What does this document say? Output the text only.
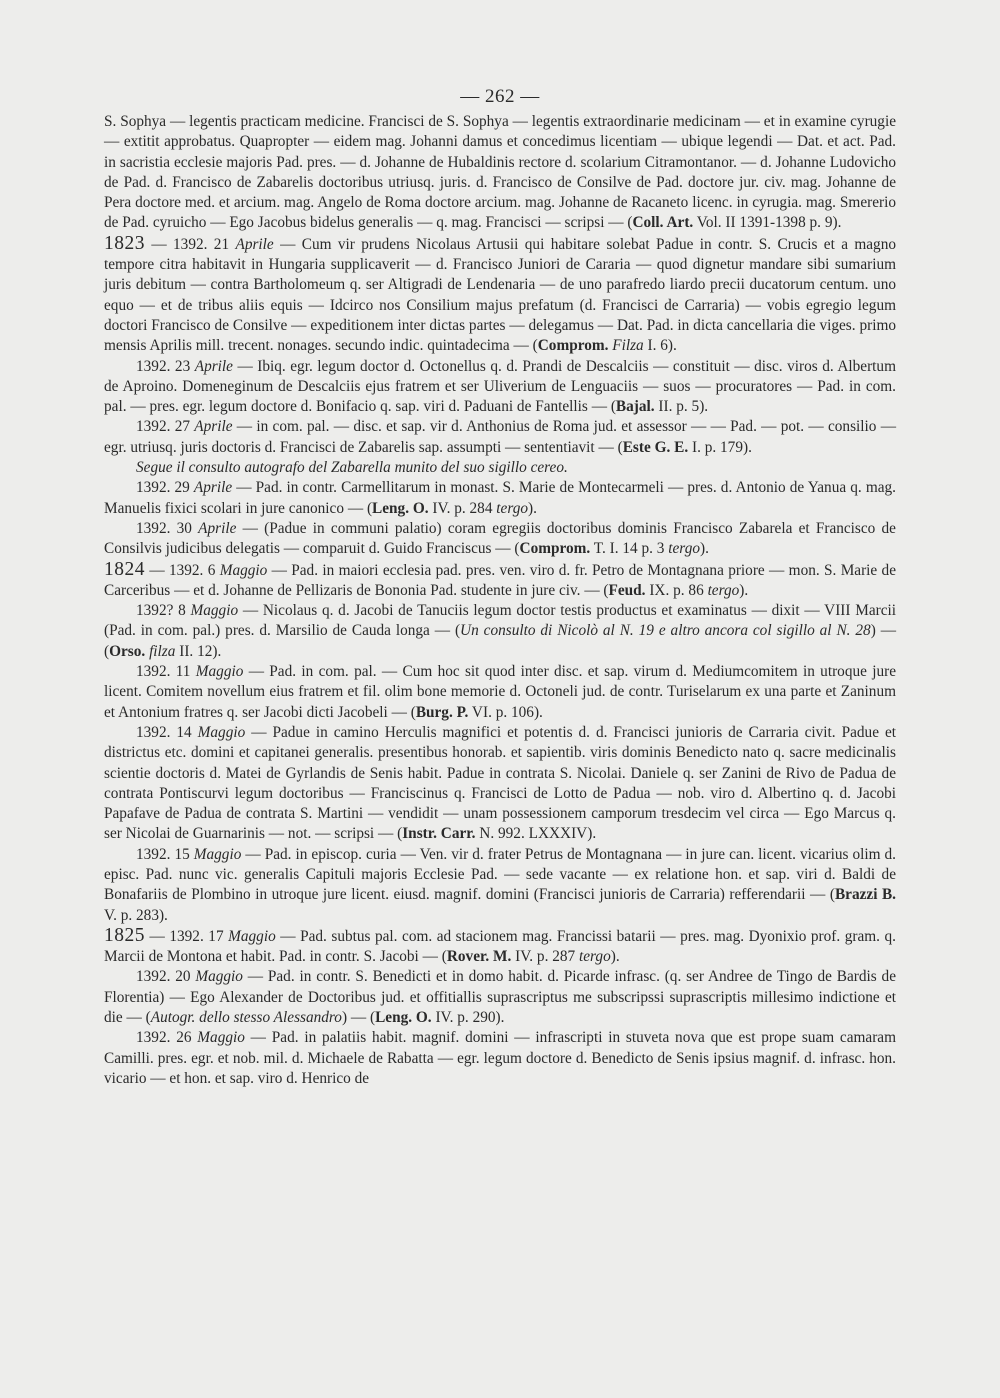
— 262 —

S. Sophya — legentis practicam medicine. Francisci de S. Sophya — legentis extraordinarie medicinam — et in examine cyrugie — extitit approbatus. Quapropter — eidem mag. Johanni damus et concedimus licentiam — ubique legendi — Dat. et act. Pad. in sacristia ecclesie majoris Pad. pres. — d. Johanne de Hubaldinis rectore d. scolarium Citramontanor. — d. Johanne Ludovicho de Pad. d. Francisco de Zabarelis doctoribus utriusq. juris. d. Francisco de Consilve de Pad. doctore jur. civ. mag. Johanne de Pera doctore med. et arcium. mag. Angelo de Roma doctore arcium. mag. Johanne de Racaneto licenc. in cyrugia. mag. Smererio de Pad. cyruicho — Ego Jacobus bidelus generalis — q. mag. Francisci — scripsi — (Coll. Art. Vol. II 1391-1398 p. 9).

1823 — 1392. 21 Aprile — Cum vir prudens Nicolaus Artusii qui habitare solebat Padue in contr. S. Crucis et a magno tempore citra habitavit in Hungaria supplicaverit — d. Francisco Juniori de Cararia — quod dignetur mandare sibi sumarium juris debitum — contra Bartholomeum q. ser Altigradi de Lendenaria — de uno parafredo liardo precii ducatorum centum. uno equo — et de tribus aliis equis — Idcirco nos Consilium majus prefatum (d. Francisci de Carraria) — vobis egregio legum doctori Francisco de Consilve — expeditionem inter dictas partes — delegamus — Dat. Pad. in dicta cancellaria die viges. primo mensis Aprilis mill. trecent. nonages. secundo indic. quintadecima — (Comprom. Filza I. 6).

1392. 23 Aprile — Ibiq. egr. legum doctor d. Octonellus q. d. Prandi de Descalciis — constituit — disc. viros d. Albertum de Aproino. Domeneginum de Descalciis ejus fratrem et ser Uliverium de Lenguaciis — suos — procuratores — Pad. in com. pal. — pres. egr. legum doctore d. Bonifacio q. sap. viri d. Paduani de Fantellis — (Bajal. II. p. 5).

1392. 27 Aprile — in com. pal. — disc. et sap. vir d. Anthonius de Roma jud. et assessor — — Pad. — pot. — consilio — egr. utriusq. juris doctoris d. Francisci de Zabarelis sap. assumpti — sententiavit — (Este G. E. I. p. 179).

Segue il consulto autografo del Zabarella munito del suo sigillo cereo.

1392. 29 Aprile — Pad. in contr. Carmellitarum in monast. S. Marie de Montecarmeli — pres. d. Antonio de Yanua q. mag. Manuelis fixici scolari in jure canonico — (Leng. O. IV. p. 284 tergo).

1392. 30 Aprile — (Padue in communi palatio) coram egregiis doctoribus dominis Francisco Zabarela et Francisco de Consilvis judicibus delegatis — comparuit d. Guido Franciscus — (Comprom. T. I. 14 p. 3 tergo).

1824 — 1392. 6 Maggio — Pad. in maiori ecclesia pad. pres. ven. viro d. fr. Petro de Montagnana priore — mon. S. Marie de Carceribus — et d. Johanne de Pellizaris de Bononia Pad. studente in jure civ. — (Feud. IX. p. 86 tergo).

1392? 8 Maggio — Nicolaus q. d. Jacobi de Tanuciis legum doctor testis productus et examinatus — dixit — VIII Marcii (Pad. in com. pal.) pres. d. Marsilio de Cauda longa — (Un consulto di Nicolò al N. 19 e altro ancora col sigillo al N. 28) — (Orso. filza II. 12).

1392. 11 Maggio — Pad. in com. pal. — Cum hoc sit quod inter disc. et sap. virum d. Mediumcomitem in utroque jure licent. Comitem novellum eius fratrem et fil. olim bone memorie d. Octoneli jud. de contr. Turiselarum ex una parte et Zaninum et Antonium fratres q. ser Jacobi dicti Jacobeli — (Burg. P. VI. p. 106).

1392. 14 Maggio — Padue in camino Herculis magnifici et potentis d. d. Francisci junioris de Carraria civit. Padue et districtus etc. domini et capitanei generalis. presentibus honorab. et sapientib. viris dominis Benedicto nato q. sacre medicinalis scientie doctoris d. Matei de Gyrlandis de Senis habit. Padue in contrata S. Nicolai. Daniele q. ser Zanini de Rivo de Padua de contrata Pontiscurvi legum doctoribus — Franciscinus q. Francisci de Lotto de Padua — nob. viro d. Albertino q. d. Jacobi Papafave de Padua de contrata S. Martini — vendidit — unam possessionem camporum tresdecim vel circa — Ego Marcus q. ser Nicolai de Guarnarinis — not. — scripsi — (Instr. Carr. N. 992. LXXXIV).

1392. 15 Maggio — Pad. in episcop. curia — Ven. vir d. frater Petrus de Montagnana — in jure can. licent. vicarius olim d. episc. Pad. nunc vic. generalis Capituli majoris Ecclesie Pad. — sede vacante — ex relatione hon. et sap. viri d. Baldi de Bonafariis de Plombino in utroque jure licent. eiusd. magnif. domini (Francisci junioris de Carraria) refferendarii — (Brazzi B. V. p. 283).

1825 — 1392. 17 Maggio — Pad. subtus pal. com. ad stacionem mag. Francissi batarii — pres. mag. Dyonixio prof. gram. q. Marcii de Montona et habit. Pad. in contr. S. Jacobi — (Rover. M. IV. p. 287 tergo).

1392. 20 Maggio — Pad. in contr. S. Benedicti et in domo habit. d. Picarde infrasc. (q. ser Andree de Tingo de Bardis de Florentia) — Ego Alexander de Doctoribus jud. et offitiallis suprascriptus me subscripssi suprascriptis millesimo indictione et die — (Autogr. dello stesso Alessandro) — (Leng. O. IV. p. 290).

1392. 26 Maggio — Pad. in palatiis habit. magnif. domini — infrascripti in stuveta nova que est prope suam camaram Camilli. pres. egr. et nob. mil. d. Michaele de Rabatta — egr. legum doctore d. Benedicto de Senis ipsius magnif. d. infrasc. hon. vicario — et hon. et sap. viro d. Henrico de
